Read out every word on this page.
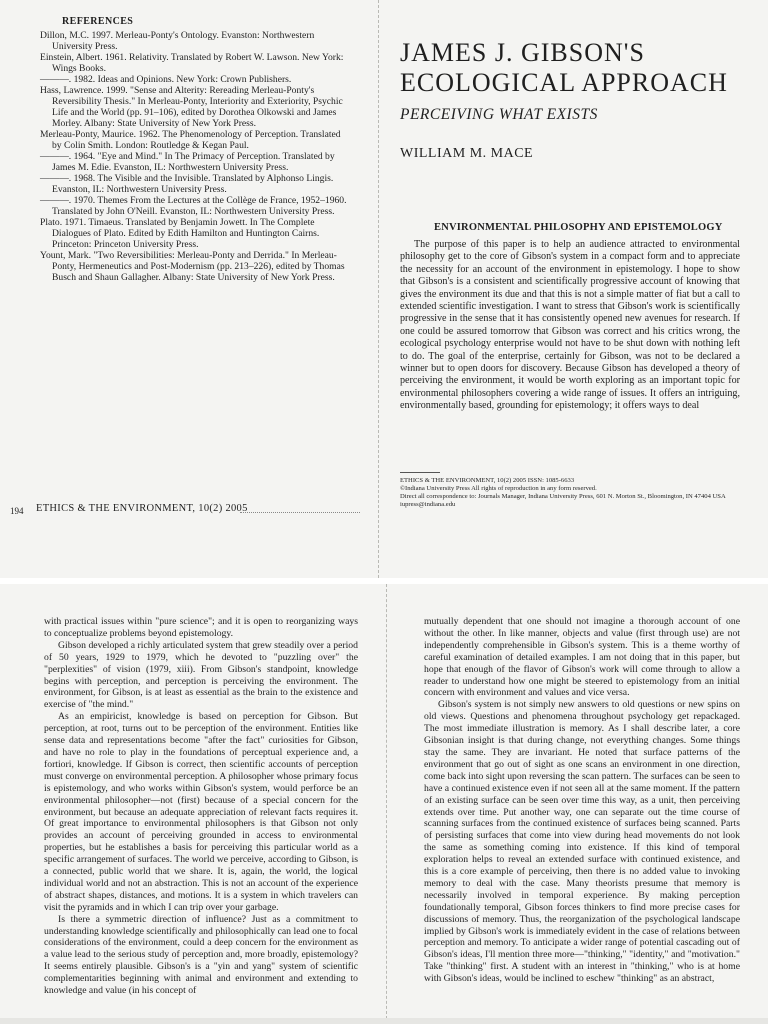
REFERENCES

Dillon, M.C. 1997. Merleau-Ponty's Ontology. Evanston: Northwestern University Press.

Einstein, Albert. 1961. Relativity. Translated by Robert W. Lawson. New York: Wings Books.

———. 1982. Ideas and Opinions. New York: Crown Publishers.

Hass, Lawrence. 1999. "Sense and Alterity: Rereading Merleau-Ponty's Reversibility Thesis." In Merleau-Ponty, Interiority and Exteriority, Psychic Life and the World (pp. 91–106), edited by Dorothea Olkowski and James Morley. Albany: State University of New York Press.

Merleau-Ponty, Maurice. 1962. The Phenomenology of Perception. Translated by Colin Smith. London: Routledge & Kegan Paul.

———. 1964. "Eye and Mind." In The Primacy of Perception. Translated by James M. Edie. Evanston, IL: Northwestern University Press.

———. 1968. The Visible and the Invisible. Translated by Alphonso Lingis. Evanston, IL: Northwestern University Press.

———. 1970. Themes From the Lectures at the Collège de France, 1952–1960. Translated by John O'Neill. Evanston, IL: Northwestern University Press.

Plato. 1971. Timaeus. Translated by Benjamin Jowett. In The Complete Dialogues of Plato. Edited by Edith Hamilton and Huntington Cairns. Princeton: Princeton University Press.

Yount, Mark. "Two Reversibilities: Merleau-Ponty and Derrida." In Merleau-Ponty, Hermeneutics and Post-Modernism (pp. 213–226), edited by Thomas Busch and Shaun Gallagher. Albany: State University of New York Press.

194 ETHICS & THE ENVIRONMENT, 10(2) 2005
JAMES J. GIBSON'S
ECOLOGICAL APPROACH

PERCEIVING WHAT EXISTS

WILLIAM M. MACE

ENVIRONMENTAL PHILOSOPHY AND EPISTEMOLOGY

The purpose of this paper is to help an audience attracted to environmental philosophy get to the core of Gibson's system in a compact form and to appreciate the necessity for an account of the environment in epistemology. I hope to show that Gibson's is a consistent and scientifically progressive account of knowing that gives the environment its due and that this is not a simple matter of fiat but a call to extended scientific investigation. I want to stress that Gibson's work is scientifically progressive in the sense that it has consistently opened new avenues for research. If one could be assured tomorrow that Gibson was correct and his critics wrong, the ecological psychology enterprise would not have to be shut down with nothing left to do. The goal of the enterprise, certainly for Gibson, was not to be declared a winner but to open doors for discovery. Because Gibson has developed a theory of perceiving the environment, it would be worth exploring as an important topic for environmental philosophers covering a wide range of issues. It offers an intriguing, environmentally based, grounding for epistemology; it offers ways to deal

ETHICS & THE ENVIRONMENT, 10(2) 2005 ISSN: 1085-6633

©Indiana University Press All rights of reproduction in any form reserved.

Direct all correspondence to: Journals Manager, Indiana University Press, 601 N. Morton St., Bloomington, IN 47404 USA iupress@indiana.edu

with practical issues within "pure science"; and it is open to reorganizing ways to conceptualize problems beyond epistemology.

Gibson developed a richly articulated system that grew steadily over a period of 50 years, 1929 to 1979, which he devoted to "puzzling over" the "perplexities" of vision (1979, xiii). From Gibson's standpoint, knowledge begins with perception, and perception is perceiving the environment. The environment, for Gibson, is at least as essential as the brain to the existence and exercise of "the mind."

As an empiricist, knowledge is based on perception for Gibson. But perception, at root, turns out to be perception of the environment. Entities like sense data and representations become "after the fact" curiosities for Gibson, and have no role to play in the foundations of perceptual experience and, a fortiori, knowledge. If Gibson is correct, then scientific accounts of perception must converge on environmental perception. A philosopher whose primary focus is epistemology, and who works within Gibson's system, would perforce be an environmental philosopher—not (first) because of a special concern for the environment, but because an adequate appreciation of relevant facts requires it. Of great importance to environmental philosophers is that Gibson not only provides an account of perceiving grounded in access to environmental properties, but he establishes a basis for perceiving this particular world as a specific arrangement of surfaces. The world we perceive, according to Gibson, is a connected, public world that we share. It is, again, the world, the logical individual world and not an abstraction. This is not an account of the experience of abstract shapes, distances, and motions. It is a system in which travelers can visit the pyramids and in which I can trip over your garbage.

Is there a symmetric direction of influence? Just as a commitment to understanding knowledge scientifically and philosophically can lead one to focal considerations of the environment, could a deep concern for the environment as a value lead to the serious study of perception and, more broadly, epistemology? It seems entirely plausible. Gibson's is a "yin and yang" system of scientific complementarities beginning with animal and environment and extending to knowledge and value (in his concept of

mutually dependent that one should not imagine a thorough account of one without the other. In like manner, objects and value (first through use) are not independently comprehensible in Gibson's system. This is a theme worthy of careful examination of detailed examples. I am not doing that in this paper, but hope that enough of the flavor of Gibson's work will come through to allow a reader to understand how one might be steered to epistemology from an initial concern with environment and values and vice versa.

Gibson's system is not simply new answers to old questions or new spins on old views. Questions and phenomena throughout psychology get repackaged. The most immediate illustration is memory. As I shall describe later, a core Gibsonian insight is that during change, not everything changes. Some things stay the same. They are invariant. He noted that surface patterns of the environment that go out of sight as one scans an environment in one direction, come back into sight upon reversing the scan pattern. The surfaces can be seen to have a continued existence even if not seen all at the same moment. If the pattern of an existing surface can be seen over time this way, as a unit, then perceiving extends over time. Put another way, one can separate out the time course of scanning surfaces from the continued existence of surfaces being scanned. Parts of persisting surfaces that come into view during head movements do not look the same as something coming into existence. If this kind of temporal exploration helps to reveal an extended surface with continued existence, and this is a core example of perceiving, then there is no added value to invoking memory to deal with the case. Many theorists presume that memory is necessarily involved in temporal experience. By making perception foundationally temporal, Gibson forces thinkers to find more precise cases for discussions of memory. Thus, the reorganization of the psychological landscape implied by Gibson's work is immediately evident in the case of relations between perception and memory. To anticipate a wider range of potential cascading out of Gibson's ideas, I'll mention three more—"thinking," "identity," and "motivation." Take "thinking" first. A student with an interest in "thinking," who is at home with Gibson's ideas, would be inclined to eschew "thinking" as an abstract,
